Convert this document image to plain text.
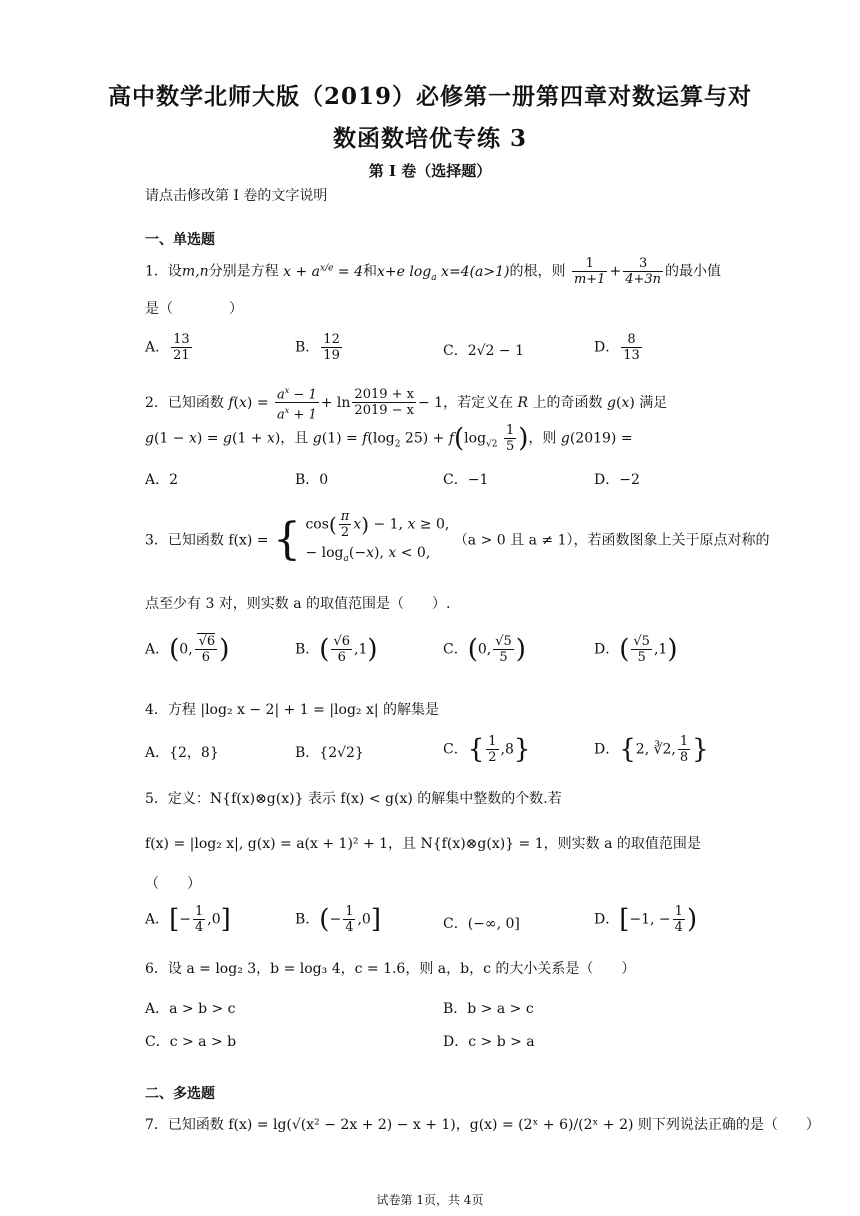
高中数学北师大版（2019）必修第一册第四章对数运算与对
数函数培优专练 3
第 I 卷（选择题）
请点击修改第 I 卷的文字说明
一、单选题
1．设m,n分别是方程 $x + a^{x/e} = 4$和x+e $\log_a x=4(a>1)$的根，则 $\frac{1}{m+1} + \frac{3}{4+3n}$ 的最小值
是（　　　　）
A． $\frac{13}{21}$	B． $\frac{12}{19}$	C．2√2 − 1	D． $\frac{8}{13}$
2．已知函数 $f(x) = \frac{a^x - 1}{a^x + 1} + \ln \frac{2019 + x}{2019 - x} - 1$，若定义在 R 上的奇函数 g(x) 满足
g(1 − x) = g(1 + x)，且 $g(1) = f(\log_2$ $25) + f(\log_{√2} \frac{1}{5}$ )，则 g(2019) =
A．2	B．0	C．−1	D．−2
3．已知函数 f(x) = { $\cos( \frac{\pi}{2} x) - 1$, x ≥ 0,
− $\log_a(-x)$, x < 0,
（a > 0 且 a ≠ 1），若函数图象上关于原点对称的
点至少有 3 对，则实数 a 的取值范围是（　　）.
A．(0, $\frac{√6}{6}$ )	B．( $\frac{√6}{6} ,1$)	C．(0, $\frac{√5}{5}$ )	D．( $\frac{√5}{5} ,1$)
4．方程 |log₂ x − 2| + 1 = |log₂ x| 的解集是
A．{2，8}	B．{2√2}	C．{ $\frac{1}{2} ,8$}	D．{2, ∛2, $\frac{1}{8}$ }
5．定义：N{f(x)⊗g(x)} 表示 f(x) < g(x) 的解集中整数的个数.若
f(x) = |log₂ x|, g(x) = a(x + 1)² + 1，且 N{f(x)⊗g(x)} = 1，则实数 a 的取值范围是
（　　）
A．[− $\frac{1}{4} ,0$]	B．(− $\frac{1}{4} ,0$]	C．(−∞, 0]	D．[−1, − $\frac{1}{4}$ )
6．设 a = log₂ 3，b = log₃ 4，c = 1.6，则 a，b，c 的大小关系是（　　）
A．a > b > c	B．b > a > c
C．c > a > b	D．c > b > a
二、多选题
7．已知函数 f(x) = lg(√(x² − 2x + 2) − x + 1)，g(x) = (2ˣ + 6)/(2ˣ + 2) 则下列说法正确的是（　　）
试卷第 1页，共 4页
